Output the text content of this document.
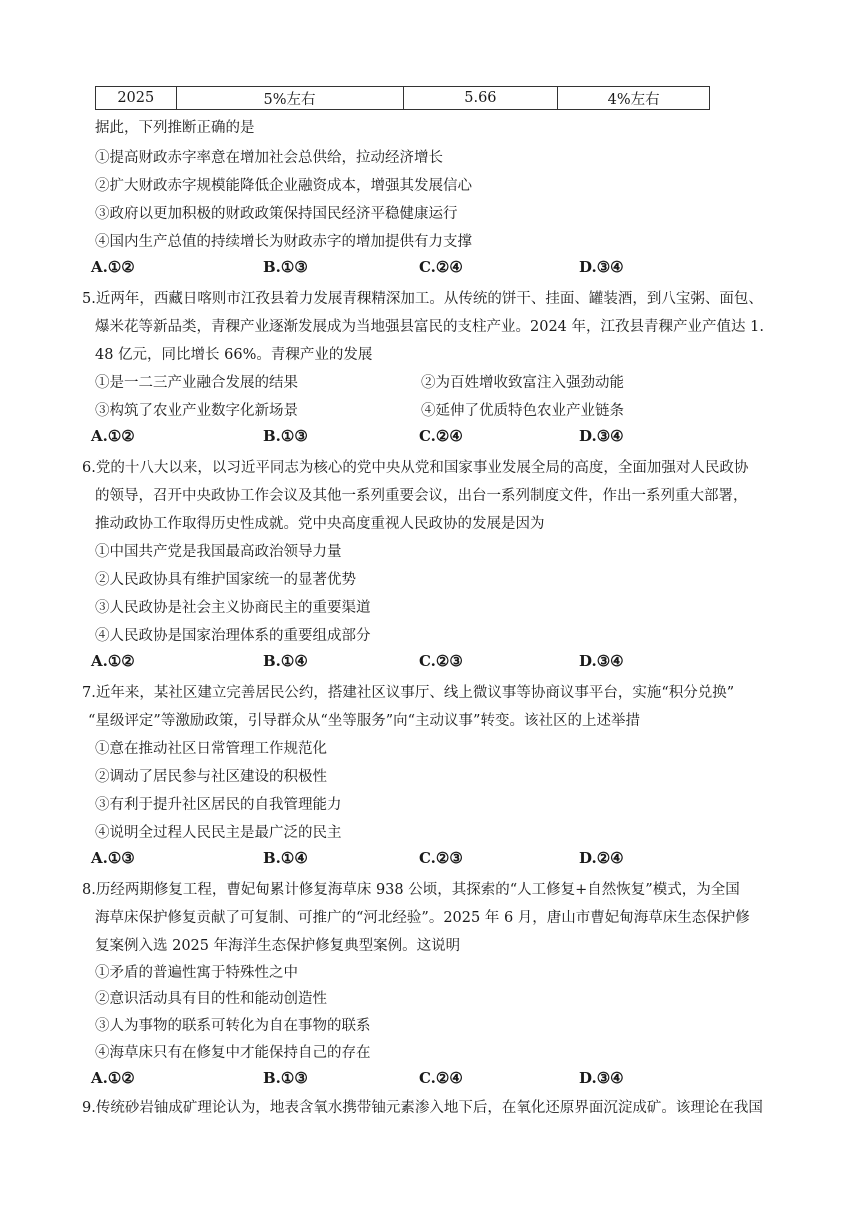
2025	5%左右	5.66	4%左右
据此，下列推断正确的是
①提高财政赤字率意在增加社会总供给，拉动经济增长
②扩大财政赤字规模能降低企业融资成本，增强其发展信心
③政府以更加积极的财政政策保持国民经济平稳健康运行
④国内生产总值的持续增长为财政赤字的增加提供有力支撑
A.①②	B.①③	C.②④	D.③④
5.近两年，西藏日喀则市江孜县着力发展青稞精深加工。从传统的饼干、挂面、罐装酒，到八宝粥、面包、
爆米花等新品类，青稞产业逐渐发展成为当地强县富民的支柱产业。2024 年，江孜县青稞产业产值达 1.
48 亿元，同比增长 66%。青稞产业的发展
①是一二三产业融合发展的结果	②为百姓增收致富注入强劲动能
③构筑了农业产业数字化新场景	④延伸了优质特色农业产业链条
A.①②	B.①③	C.②④	D.③④
6.党的十八大以来，以习近平同志为核心的党中央从党和国家事业发展全局的高度，全面加强对人民政协
的领导，召开中央政协工作会议及其他一系列重要会议，出台一系列制度文件，作出一系列重大部署，
推动政协工作取得历史性成就。党中央高度重视人民政协的发展是因为
①中国共产党是我国最高政治领导力量
②人民政协具有维护国家统一的显著优势
③人民政协是社会主义协商民主的重要渠道
④人民政协是国家治理体系的重要组成部分
A.①②	B.①④	C.②③	D.③④
7.近年来，某社区建立完善居民公约，搭建社区议事厅、线上微议事等协商议事平台，实施“积分兑换”
“星级评定”等激励政策，引导群众从“坐等服务”向“主动议事”转变。该社区的上述举措
①意在推动社区日常管理工作规范化
②调动了居民参与社区建设的积极性
③有利于提升社区居民的自我管理能力
④说明全过程人民民主是最广泛的民主
A.①③	B.①④	C.②③	D.②④
8.历经两期修复工程，曹妃甸累计修复海草床 938 公顷，其探索的“人工修复+自然恢复”模式，为全国
海草床保护修复贡献了可复制、可推广的“河北经验”。2025 年 6 月，唐山市曹妃甸海草床生态保护修
复案例入选 2025 年海洋生态保护修复典型案例。这说明
①矛盾的普遍性寓于特殊性之中
②意识活动具有目的性和能动创造性
③人为事物的联系可转化为自在事物的联系
④海草床只有在修复中才能保持自己的存在
A.①②	B.①③	C.②④	D.③④
9.传统砂岩铀成矿理论认为，地表含氧水携带铀元素渗入地下后，在氧化还原界面沉淀成矿。该理论在我国
